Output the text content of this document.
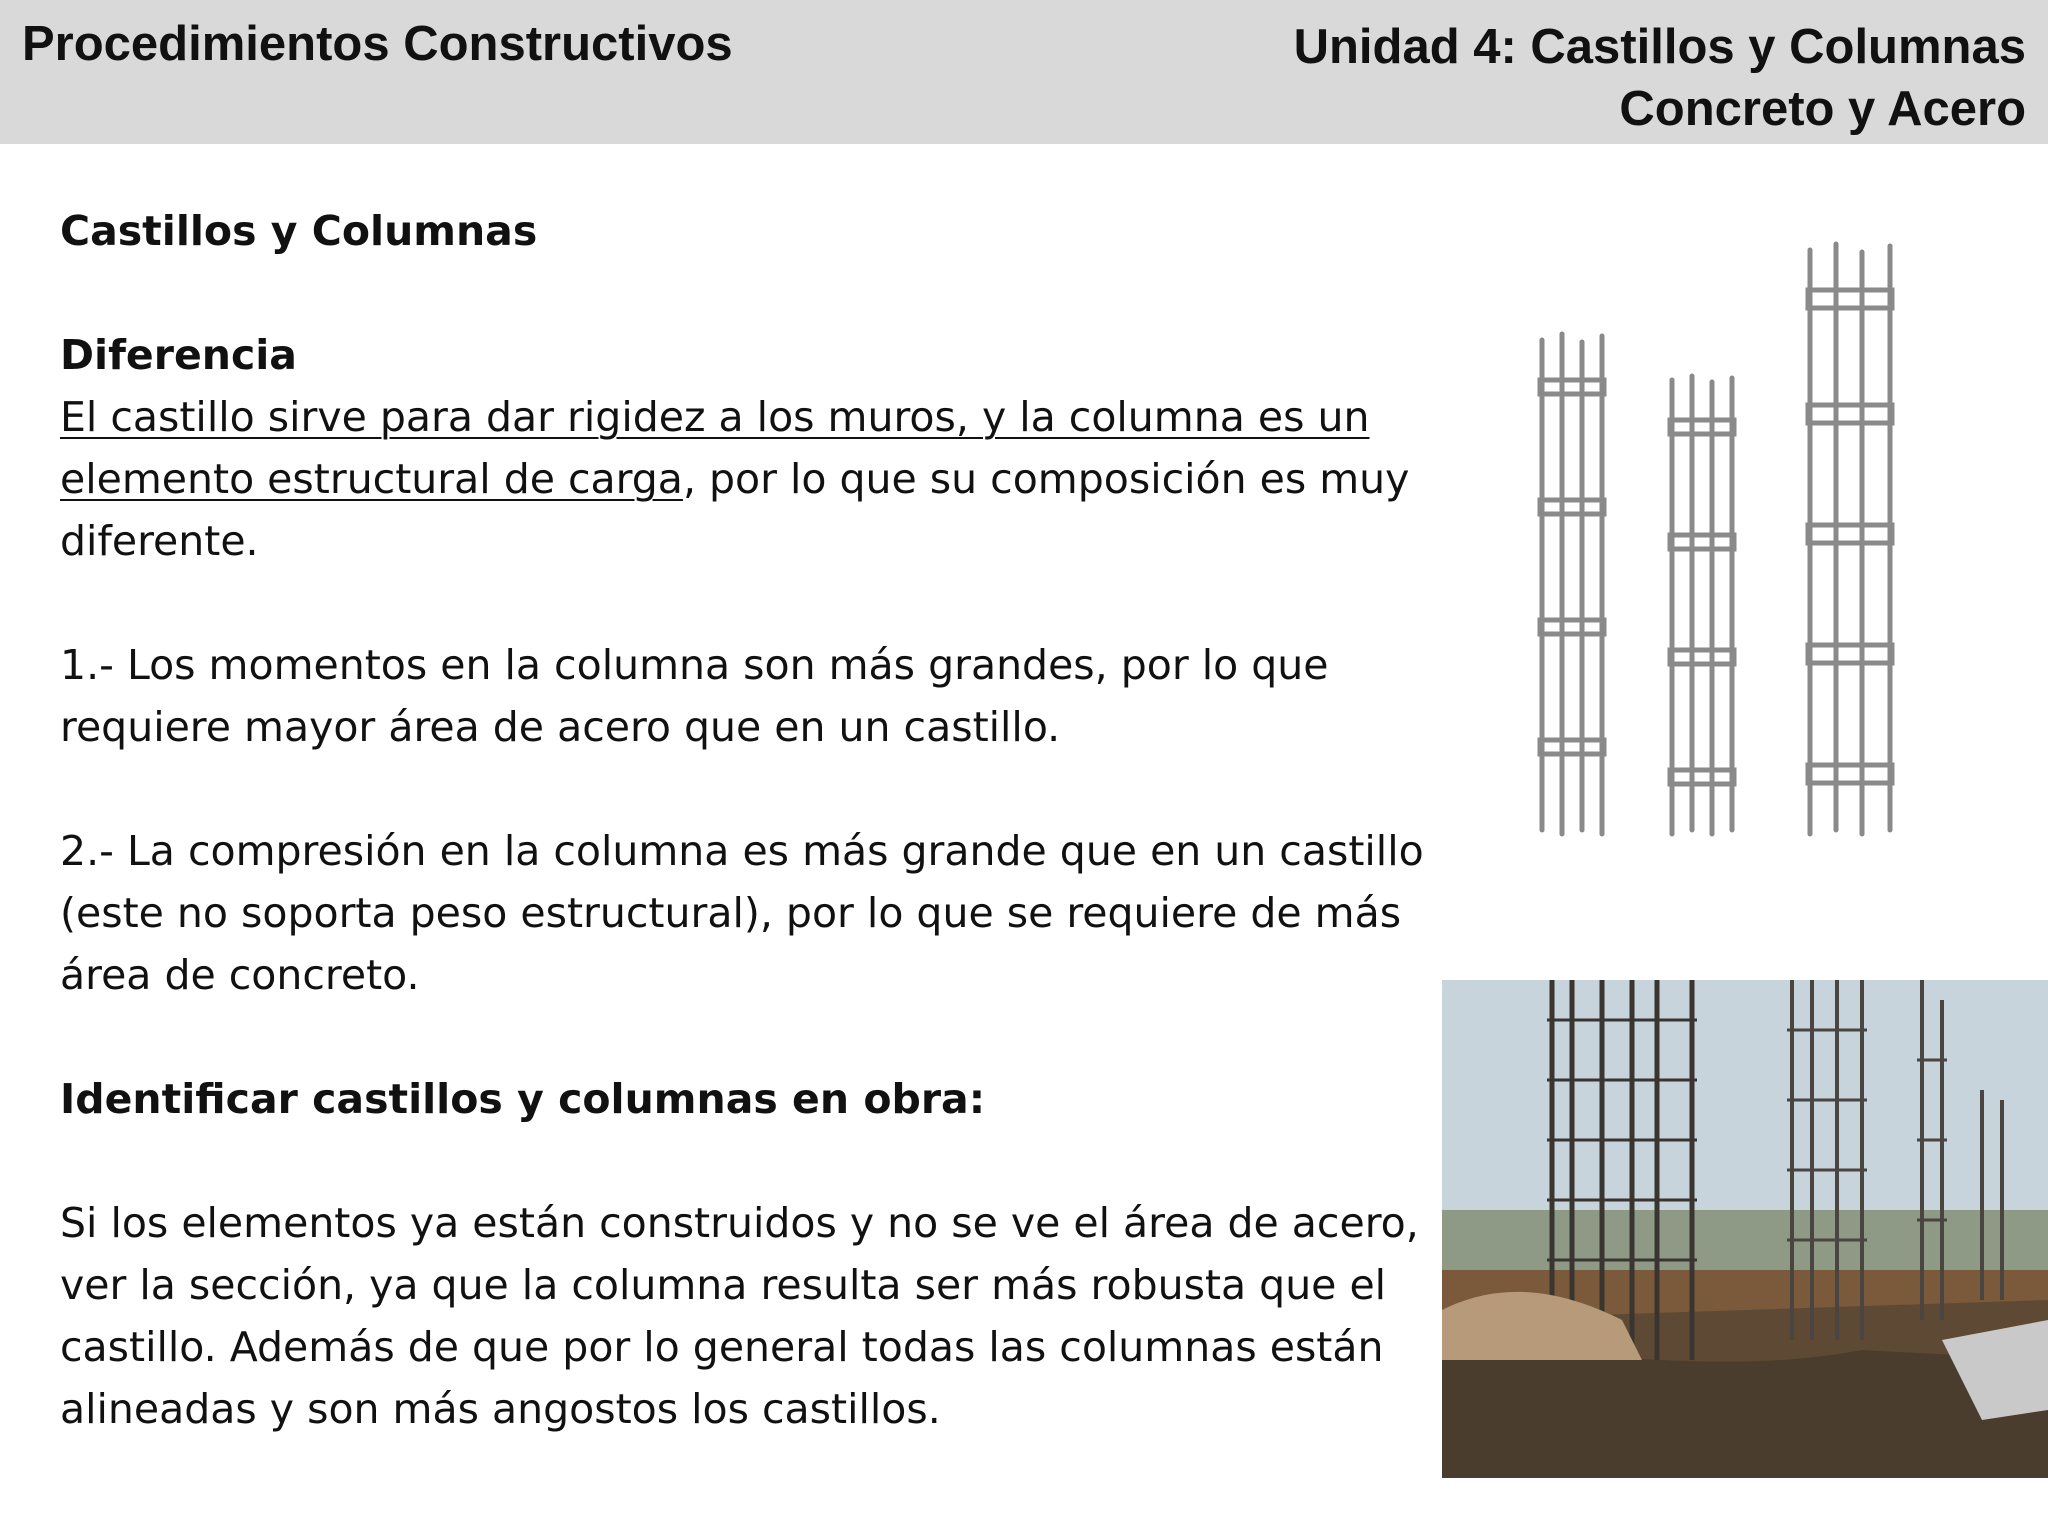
Procedimientos Constructivos	Unidad 4: Castillos y Columnas
Concreto y Acero

Castillos y Columnas

Diferencia

El castillo sirve para dar rigidez a los muros, y la columna es un elemento estructural de carga, por lo que su composición es muy diferente.

1.- Los momentos en la columna son más grandes, por lo que requiere mayor área de acero que en un castillo.

2.- La compresión en la columna es más grande que en un castillo (este no soporta peso estructural), por lo que se requiere de más área de concreto.

Identificar castillos y columnas en obra:

Si los elementos ya están construidos y no se ve el área de acero, ver la sección, ya que la columna resulta ser más robusta que el castillo. Además de que por lo general todas las columnas están alineadas y son más angostos los castillos.
